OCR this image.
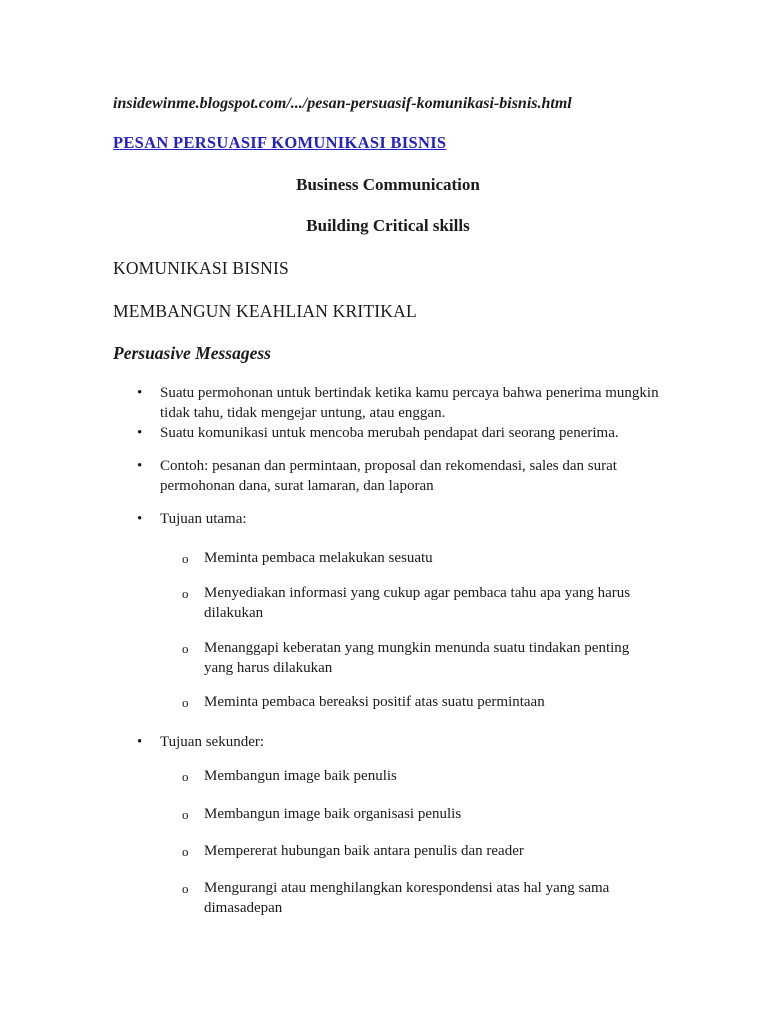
insidewinme.blogspot.com/.../pesan-persuasif-komunikasi-bisnis.html
PESAN PERSUASIF KOMUNIKASI BISNIS
Business Communication
Building Critical skills
KOMUNIKASI BISNIS
MEMBANGUN KEAHLIAN KRITIKAL
Persuasive Messagess
•	Suatu permohonan untuk bertindak ketika kamu percaya bahwa penerima mungkin tidak tahu, tidak mengejar untung, atau enggan.
•	Suatu komunikasi untuk mencoba merubah pendapat dari seorang penerima.
•	Contoh: pesanan dan permintaan, proposal dan rekomendasi, sales dan surat permohonan dana, surat lamaran, dan laporan
•	Tujuan utama:
o	Meminta pembaca melakukan sesuatu
o	Menyediakan informasi yang cukup agar pembaca tahu apa yang harus dilakukan
o	Menanggapi keberatan yang mungkin menunda suatu tindakan penting yang harus dilakukan
o	Meminta pembaca bereaksi positif atas suatu permintaan
•	Tujuan sekunder:
o	Membangun image baik penulis
o	Membangun image baik organisasi penulis
o	Mempererat hubungan baik antara penulis dan reader
o	Mengurangi atau menghilangkan korespondensi atas hal yang sama dimasadepan
